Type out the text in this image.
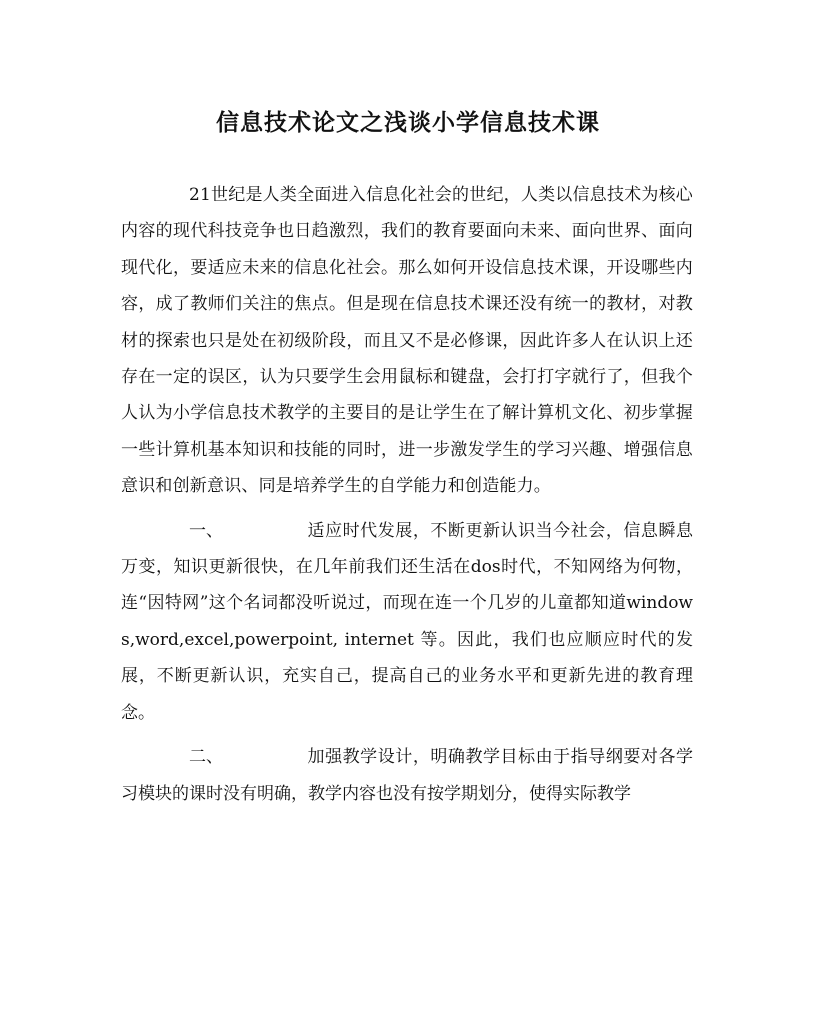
信息技术论文之浅谈小学信息技术课

21世纪是人类全面进入信息化社会的世纪，人类以信息技术为核心内容的现代科技竞争也日趋激烈，我们的教育要面向未来、面向世界、面向现代化，要适应未来的信息化社会。那么如何开设信息技术课，开设哪些内容，成了教师们关注的焦点。但是现在信息技术课还没有统一的教材，对教材的探索也只是处在初级阶段，而且又不是必修课，因此许多人在认识上还存在一定的误区，认为只要学生会用鼠标和键盘，会打打字就行了，但我个人认为小学信息技术教学的主要目的是让学生在了解计算机文化、初步掌握一些计算机基本知识和技能的同时，进一步激发学生的学习兴趣、增强信息意识和创新意识、同是培养学生的自学能力和创造能力。

一、	适应时代发展，不断更新认识当今社会，信息瞬息万变，知识更新很快，在几年前我们还生活在dos时代，不知网络为何物，连“因特网”这个名词都没听说过，而现在连一个几岁的儿童都知道windows,word,excel,powerpoint, internet 等。因此，我们也应顺应时代的发展，不断更新认识，充实自己，提高自己的业务水平和更新先进的教育理念。

二、	加强教学设计，明确教学目标由于指导纲要对各学习模块的课时没有明确，教学内容也没有按学期划分，使得实际教学
